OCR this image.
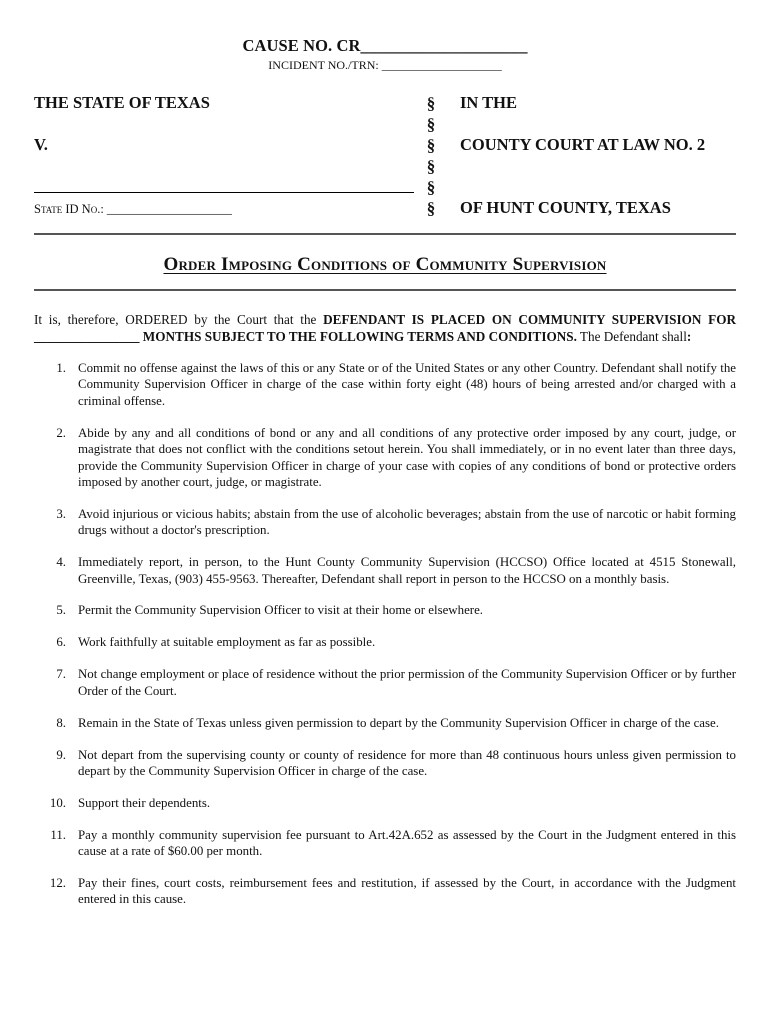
CAUSE NO. CR____________________
INCIDENT NO./TRN: ____________________
THE STATE OF TEXAS
V.
State ID No.: ____________________
§
§
§
§
§
§
IN THE
COUNTY COURT AT LAW NO. 2
OF HUNT COUNTY, TEXAS
Order Imposing Conditions of Community Supervision
It is, therefore, ORDERED by the Court that the DEFENDANT IS PLACED ON COMMUNITY SUPERVISION FOR ________________ MONTHS SUBJECT TO THE FOLLOWING TERMS AND CONDITIONS. The Defendant shall:
1. Commit no offense against the laws of this or any State or of the United States or any other Country. Defendant shall notify the Community Supervision Officer in charge of the case within forty eight (48) hours of being arrested and/or charged with a criminal offense.
2. Abide by any and all conditions of bond or any and all conditions of any protective order imposed by any court, judge, or magistrate that does not conflict with the conditions setout herein. You shall immediately, or in no event later than three days, provide the Community Supervision Officer in charge of your case with copies of any conditions of bond or protective orders imposed by another court, judge, or magistrate.
3. Avoid injurious or vicious habits; abstain from the use of alcoholic beverages; abstain from the use of narcotic or habit forming drugs without a doctor's prescription.
4. Immediately report, in person, to the Hunt County Community Supervision (HCCSO) Office located at 4515 Stonewall, Greenville, Texas, (903) 455-9563. Thereafter, Defendant shall report in person to the HCCSO on a monthly basis.
5. Permit the Community Supervision Officer to visit at their home or elsewhere.
6. Work faithfully at suitable employment as far as possible.
7. Not change employment or place of residence without the prior permission of the Community Supervision Officer or by further Order of the Court.
8. Remain in the State of Texas unless given permission to depart by the Community Supervision Officer in charge of the case.
9. Not depart from the supervising county or county of residence for more than 48 continuous hours unless given permission to depart by the Community Supervision Officer in charge of the case.
10. Support their dependents.
11. Pay a monthly community supervision fee pursuant to Art.42A.652 as assessed by the Court in the Judgment entered in this cause at a rate of $60.00 per month.
12. Pay their fines, court costs, reimbursement fees and restitution, if assessed by the Court, in accordance with the Judgment entered in this cause.
